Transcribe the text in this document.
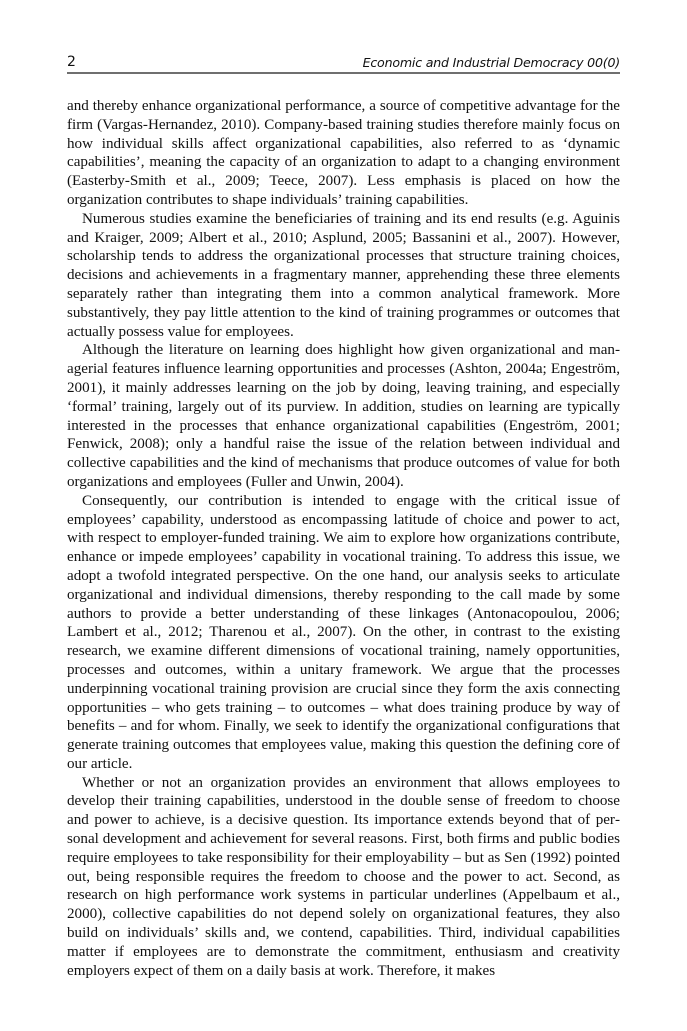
2	Economic and Industrial Democracy 00(0)

and thereby enhance organizational performance, a source of competitive advantage for the firm (Vargas-Hernandez, 2010). Company-based training studies therefore mainly focus on how individual skills affect organizational capabilities, also referred to as ‘dynamic capabilities’, meaning the capacity of an organization to adapt to a changing environment (Easterby-Smith et al., 2009; Teece, 2007). Less emphasis is placed on how the organization contributes to shape individuals’ training capabilities.

Numerous studies examine the beneficiaries of training and its end results (e.g. Aguinis and Kraiger, 2009; Albert et al., 2010; Asplund, 2005; Bassanini et al., 2007). However, scholarship tends to address the organizational processes that structure training choices, decisions and achievements in a fragmentary manner, apprehending these three elements separately rather than integrating them into a common analytical framework. More substantively, they pay little attention to the kind of training programmes or outcomes that actually possess value for employees.

Although the literature on learning does highlight how given organizational and managerial features influence learning opportunities and processes (Ashton, 2004a; Engeström, 2001), it mainly addresses learning on the job by doing, leaving training, and especially ‘formal’ training, largely out of its purview. In addition, studies on learning are typically interested in the processes that enhance organizational capabilities (Engeström, 2001; Fenwick, 2008); only a handful raise the issue of the relation between individual and collective capabilities and the kind of mechanisms that produce outcomes of value for both organizations and employees (Fuller and Unwin, 2004).

Consequently, our contribution is intended to engage with the critical issue of employees’ capability, understood as encompassing latitude of choice and power to act, with respect to employer-funded training. We aim to explore how organizations contribute, enhance or impede employees’ capability in vocational training. To address this issue, we adopt a twofold integrated perspective. On the one hand, our analysis seeks to articulate organizational and individual dimensions, thereby responding to the call made by some authors to provide a better understanding of these linkages (Antonacopoulou, 2006; Lambert et al., 2012; Tharenou et al., 2007). On the other, in contrast to the existing research, we examine different dimensions of vocational training, namely opportunities, processes and outcomes, within a unitary framework. We argue that the processes underpinning vocational training provision are crucial since they form the axis connecting opportunities – who gets training – to outcomes – what does training produce by way of benefits – and for whom. Finally, we seek to identify the organizational configurations that generate training outcomes that employees value, making this question the defining core of our article.

Whether or not an organization provides an environment that allows employees to develop their training capabilities, understood in the double sense of freedom to choose and power to achieve, is a decisive question. Its importance extends beyond that of personal development and achievement for several reasons. First, both firms and public bodies require employees to take responsibility for their employability – but as Sen (1992) pointed out, being responsible requires the freedom to choose and the power to act. Second, as research on high performance work systems in particular underlines (Appelbaum et al., 2000), collective capabilities do not depend solely on organizational features, they also build on individuals’ skills and, we contend, capabilities. Third, individual capabilities matter if employees are to demonstrate the commitment, enthusiasm and creativity employers expect of them on a daily basis at work. Therefore, it makes
